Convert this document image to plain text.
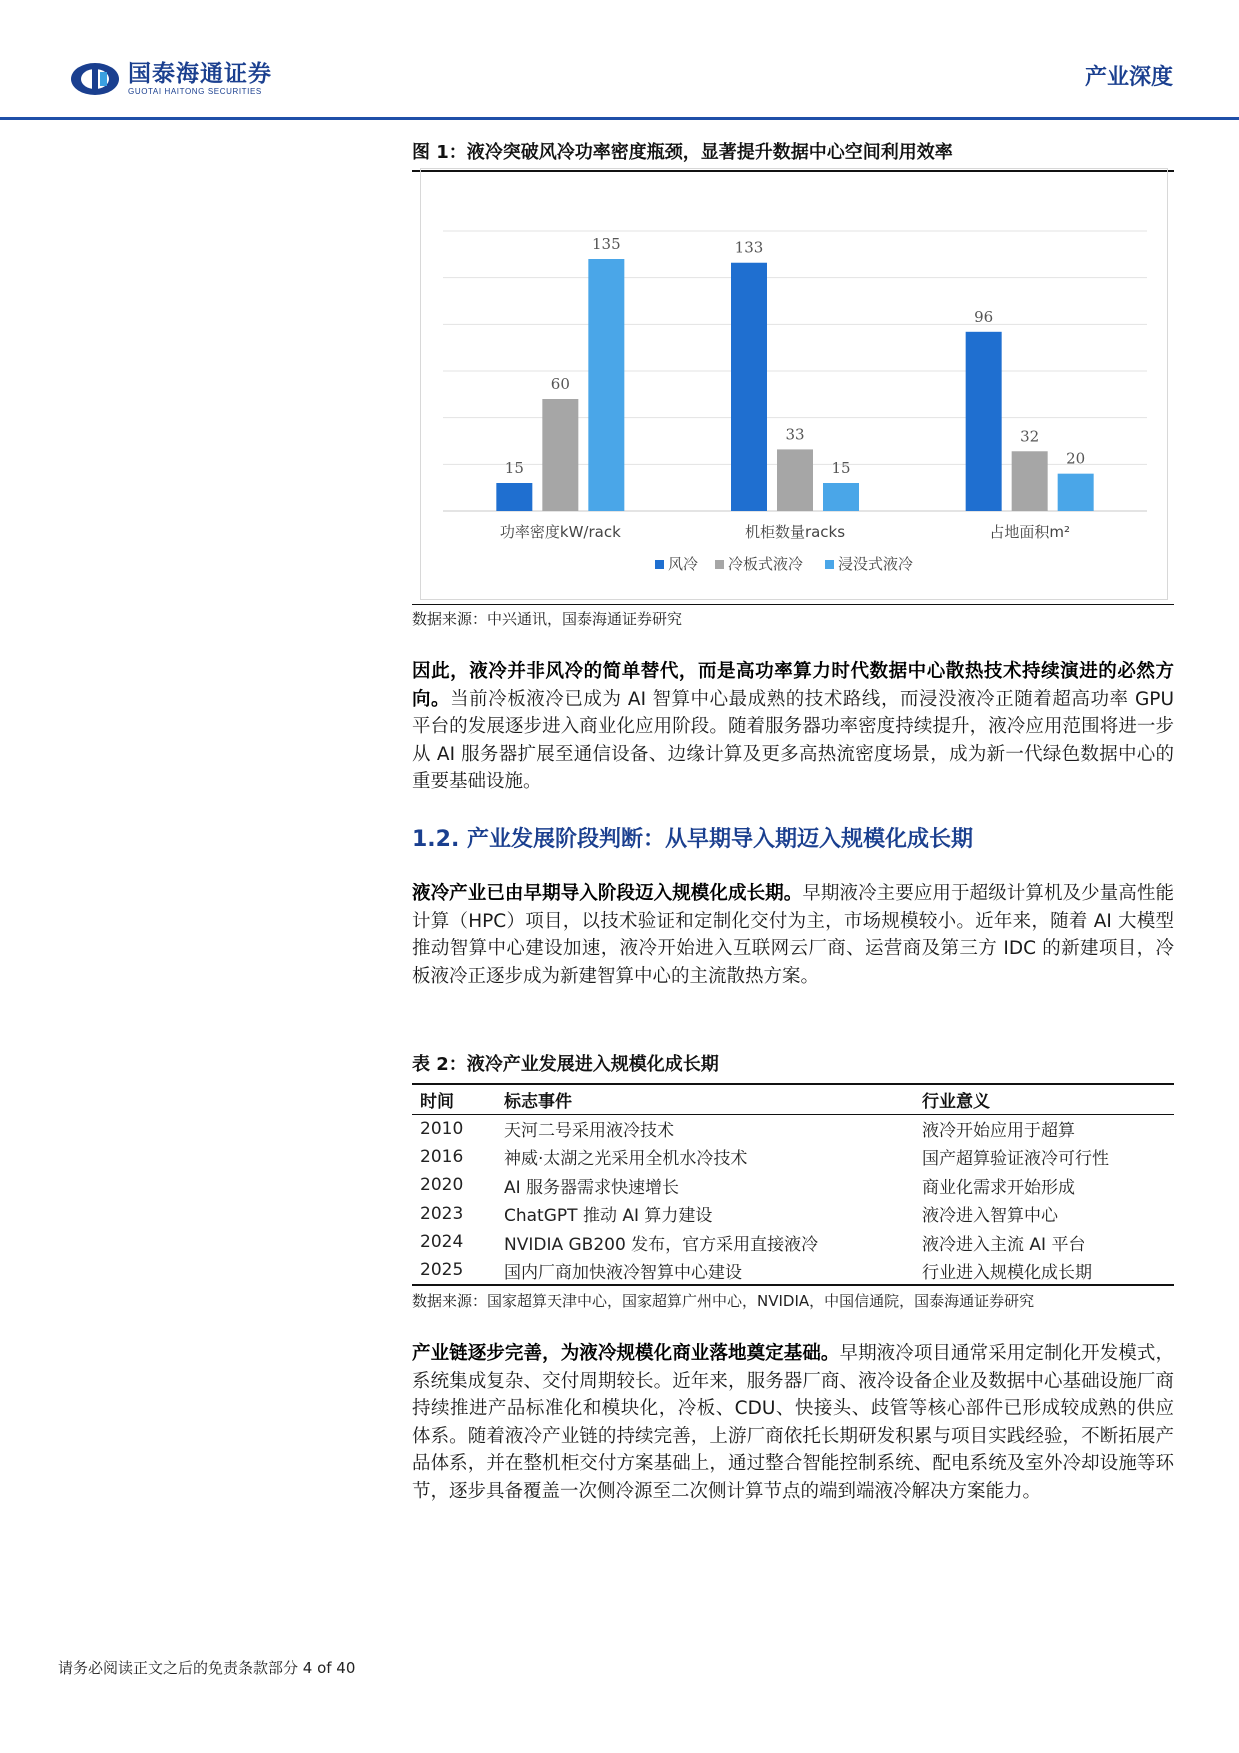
国泰海通证券
GUOTAI HAITONG SECURITIES
产业深度
图 1：液冷突破风冷功率密度瓶颈，显著提升数据中心空间利用效率
15
60
135
功率密度kW/rack
133
33
15
机柜数量racks
96
32
20
占地面积m²
风冷 冷板式液冷 浸没式液冷
数据来源：中兴通讯，国泰海通证券研究
因此，液冷并非风冷的简单替代，而是高功率算力时代数据中心散热技术持续演进的必然方向。当前冷板液冷已成为 AI 智算中心最成熟的技术路线，而浸没液冷正随着超高功率 GPU 平台的发展逐步进入商业化应用阶段。随着服务器功率密度持续提升，液冷应用范围将进一步从 AI 服务器扩展至通信设备、边缘计算及更多高热流密度场景，成为新一代绿色数据中心的重要基础设施。
1.2. 产业发展阶段判断：从早期导入期迈入规模化成长期
液冷产业已由早期导入阶段迈入规模化成长期。早期液冷主要应用于超级计算机及少量高性能计算（HPC）项目，以技术验证和定制化交付为主，市场规模较小。近年来，随着 AI 大模型推动智算中心建设加速，液冷开始进入互联网云厂商、运营商及第三方 IDC 的新建项目，冷板液冷正逐步成为新建智算中心的主流散热方案。
表 2：液冷产业发展进入规模化成长期
时间	标志事件	行业意义
2010	天河二号采用液冷技术	液冷开始应用于超算
2016	神威·太湖之光采用全机水冷技术	国产超算验证液冷可行性
2020	AI 服务器需求快速增长	商业化需求开始形成
2023	ChatGPT 推动 AI 算力建设	液冷进入智算中心
2024	NVIDIA GB200 发布，官方采用直接液冷	液冷进入主流 AI 平台
2025	国内厂商加快液冷智算中心建设	行业进入规模化成长期
数据来源：国家超算天津中心，国家超算广州中心，NVIDIA，中国信通院，国泰海通证券研究
产业链逐步完善，为液冷规模化商业落地奠定基础。早期液冷项目通常采用定制化开发模式，系统集成复杂、交付周期较长。近年来，服务器厂商、液冷设备企业及数据中心基础设施厂商持续推进产品标准化和模块化，冷板、CDU、快接头、歧管等核心部件已形成较成熟的供应体系。随着液冷产业链的持续完善，上游厂商依托长期研发积累与项目实践经验，不断拓展产品体系，并在整机柜交付方案基础上，通过整合智能控制系统、配电系统及室外冷却设施等环节，逐步具备覆盖一次侧冷源至二次侧计算节点的端到端液冷解决方案能力。
请务必阅读正文之后的免责条款部分 4 of 40
